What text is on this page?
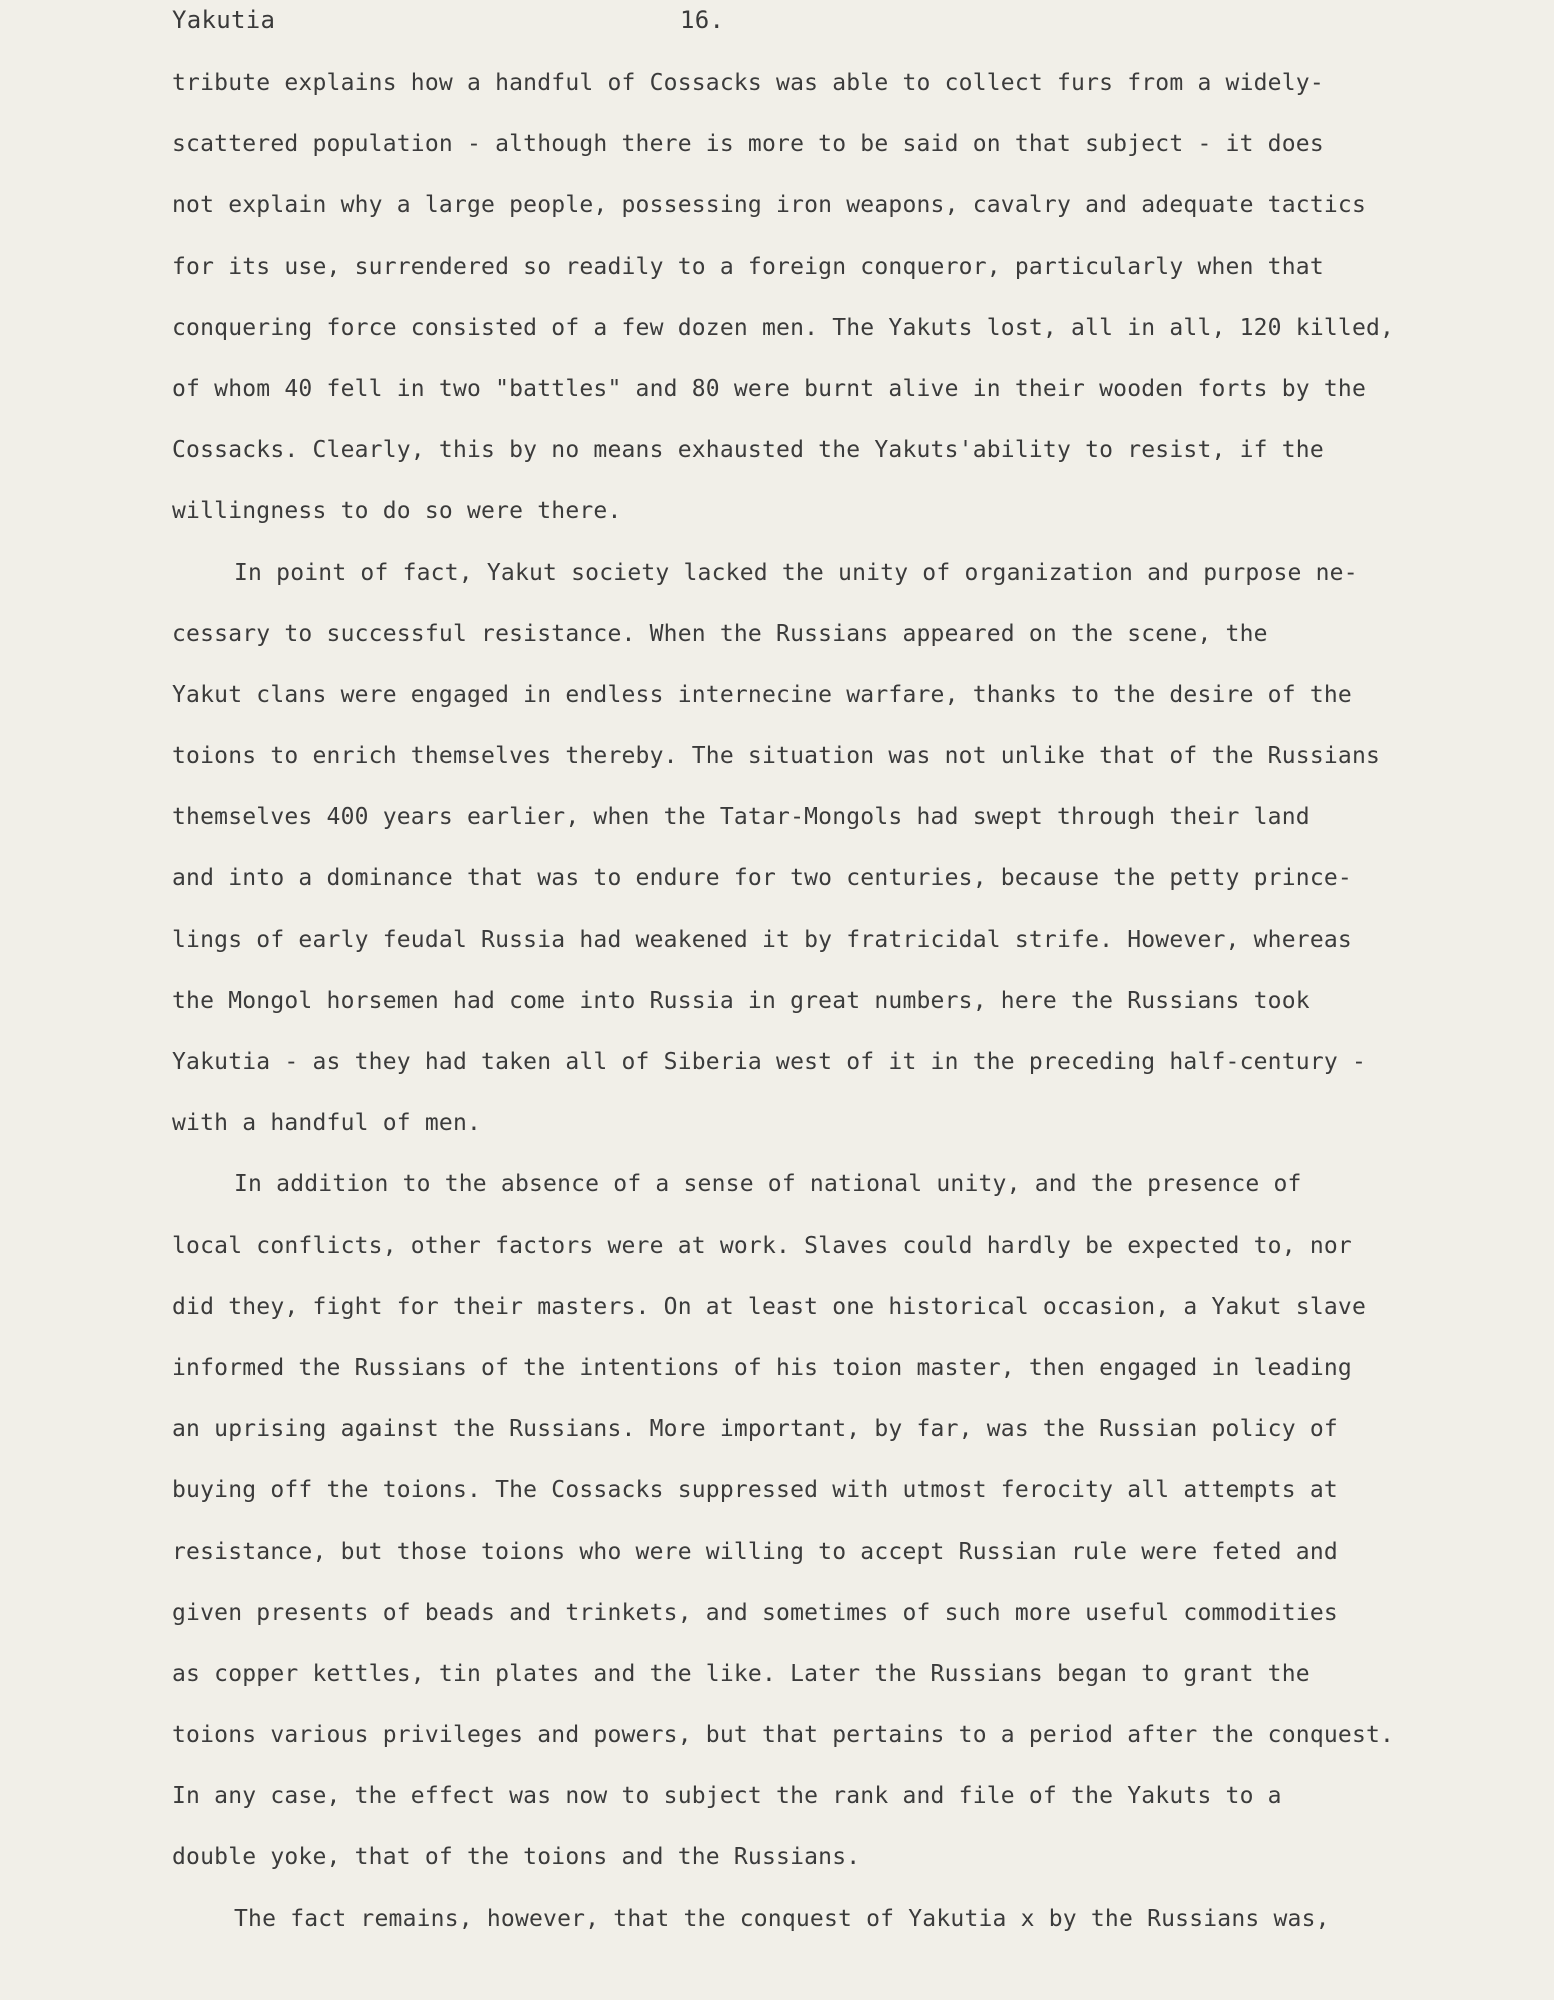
Yakutia	16.
tribute explains how a handful of Cossacks was able to collect furs from a widely-
scattered population - although there is more to be said on that subject - it does
not explain why a large people, possessing iron weapons, cavalry and adequate tactics
for its use, surrendered so readily to a foreign conqueror, particularly when that
conquering force consisted of a few dozen men. The Yakuts lost, all in all, 120 killed,
of whom 40 fell in two "battles" and 80 were burnt alive in their wooden forts by the
Cossacks. Clearly, this by no means exhausted the Yakuts'ability to resist, if the
willingness to do so were there.
In point of fact, Yakut society lacked the unity of organization and purpose ne-
cessary to successful resistance. When the Russians appeared on the scene, the
Yakut clans were engaged in endless internecine warfare, thanks to the desire of the
toions to enrich themselves thereby. The situation was not unlike that of the Russians
themselves 400 years earlier, when the Tatar-Mongols had swept through their land
and into a dominance that was to endure for two centuries, because the petty prince-
lings of early feudal Russia had weakened it by fratricidal strife. However, whereas
the Mongol horsemen had come into Russia in great numbers, here the Russians took
Yakutia - as they had taken all of Siberia west of it in the preceding half-century -
with a handful of men.
In addition to the absence of a sense of national unity, and the presence of
local conflicts, other factors were at work. Slaves could hardly be expected to, nor
did they, fight for their masters. On at least one historical occasion, a Yakut slave
informed the Russians of the intentions of his toion master, then engaged in leading
an uprising against the Russians. More important, by far, was the Russian policy of
buying off the toions. The Cossacks suppressed with utmost ferocity all attempts at
resistance, but those toions who were willing to accept Russian rule were feted and
given presents of beads and trinkets, and sometimes of such more useful commodities
as copper kettles, tin plates and the like. Later the Russians began to grant the
toions various privileges and powers, but that pertains to a period after the conquest.
In any case, the effect was now to subject the rank and file of the Yakuts to a
double yoke, that of the toions and the Russians.
The fact remains, however, that the conquest of Yakutia x by the Russians was,
